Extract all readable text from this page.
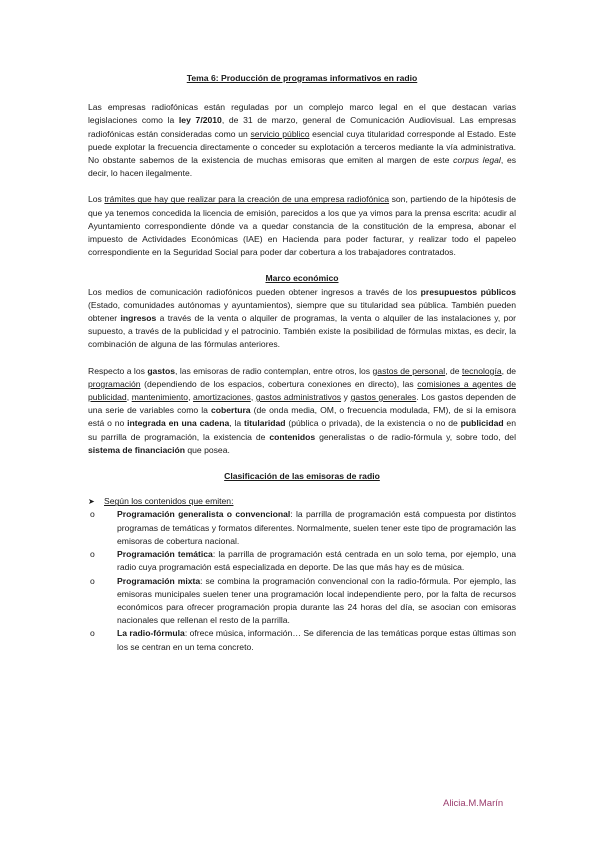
Tema 6: Producción de programas informativos en radio

Las empresas radiofónicas están reguladas por un complejo marco legal en el que destacan varias legislaciones como la ley 7/2010, de 31 de marzo, general de Comunicación Audiovisual. Las empresas radiofónicas están consideradas como un servicio público esencial cuya titularidad corresponde al Estado. Este puede explotar la frecuencia directamente o conceder su explotación a terceros mediante la vía administrativa. No obstante sabemos de la existencia de muchas emisoras que emiten al margen de este corpus legal, es decir, lo hacen ilegalmente.

Los trámites que hay que realizar para la creación de una empresa radiofónica son, partiendo de la hipótesis de que ya tenemos concedida la licencia de emisión, parecidos a los que ya vimos para la prensa escrita: acudir al Ayuntamiento correspondiente dónde va a quedar constancia de la constitución de la empresa, abonar el impuesto de Actividades Económicas (IAE) en Hacienda para poder facturar, y realizar todo el papeleo correspondiente en la Seguridad Social para poder dar cobertura a los trabajadores contratados.

Marco económico

Los medios de comunicación radiofónicos pueden obtener ingresos a través de los presupuestos públicos (Estado, comunidades autónomas y ayuntamientos), siempre que su titularidad sea pública. También pueden obtener ingresos a través de la venta o alquiler de programas, la venta o alquiler de las instalaciones y, por supuesto, a través de la publicidad y el patrocinio. También existe la posibilidad de fórmulas mixtas, es decir, la combinación de alguna de las fórmulas anteriores.

Respecto a los gastos, las emisoras de radio contemplan, entre otros, los gastos de personal, de tecnología, de programación (dependiendo de los espacios, cobertura conexiones en directo), las comisiones a agentes de publicidad, mantenimiento, amortizaciones, gastos administrativos y gastos generales. Los gastos dependen de una serie de variables como la cobertura (de onda media, OM, o frecuencia modulada, FM), de si la emisora está o no integrada en una cadena, la titularidad (pública o privada), de la existencia o no de publicidad en su parrilla de programación, la existencia de contenidos generalistas o de radio-fórmula y, sobre todo, del sistema de financiación que posea.

Clasificación de las emisoras de radio

➤ Según los contenidos que emiten:

o	Programación generalista o convencional: la parrilla de programación está compuesta por distintos programas de temáticas y formatos diferentes. Normalmente, suelen tener este tipo de programación las emisoras de cobertura nacional.
o	Programación temática: la parrilla de programación está centrada en un solo tema, por ejemplo, una radio cuya programación está especializada en deporte. De las que más hay es de música.
o	Programación mixta: se combina la programación convencional con la radio-fórmula. Por ejemplo, las emisoras municipales suelen tener una programación local independiente pero, por la falta de recursos económicos para ofrecer programación propia durante las 24 horas del día, se asocian con emisoras nacionales que rellenan el resto de la parrilla.
o	La radio-fórmula: ofrece música, información… Se diferencia de las temáticas porque estas últimas son los se centran en un tema concreto.
Alicia.M.Marín
